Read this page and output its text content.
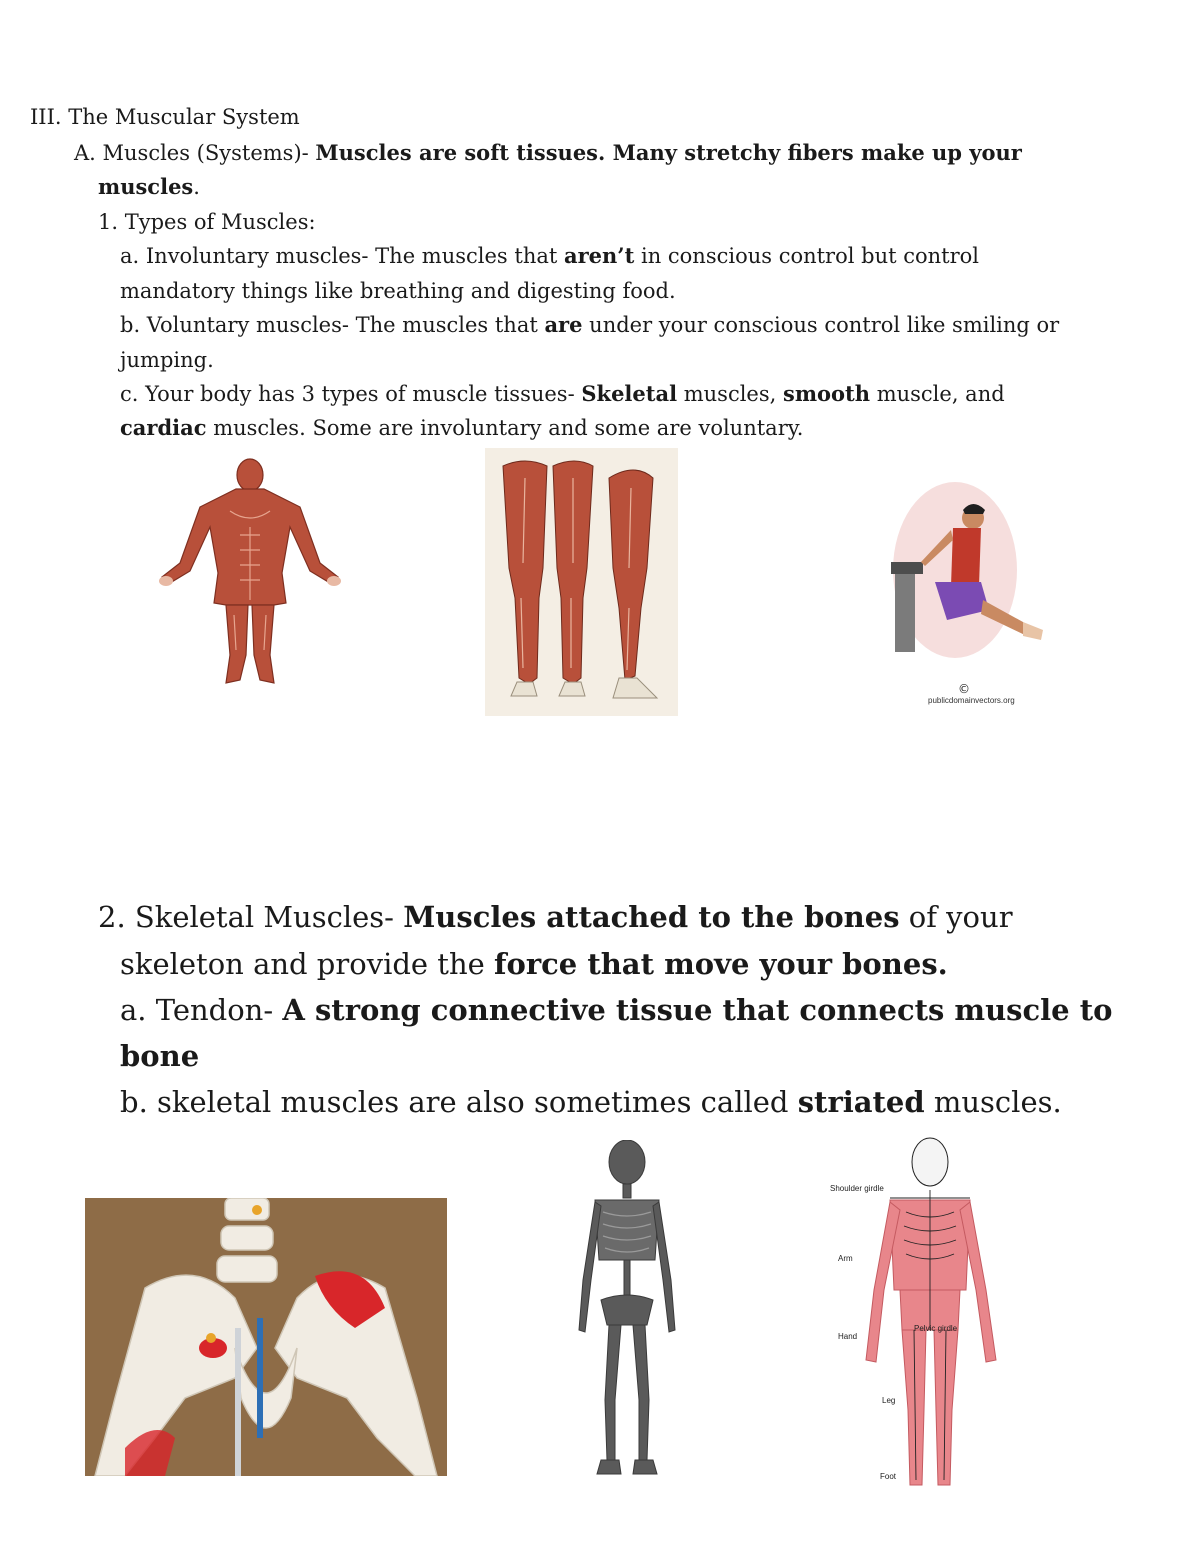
III. The Muscular System
A. Muscles (Systems)- Muscles are soft tissues. Many stretchy fibers make up your
muscles.
1. Types of Muscles:
a. Involuntary muscles- The muscles that aren’t in conscious control but control
mandatory things like breathing and digesting food.
b. Voluntary muscles- The muscles that are under your conscious control like smiling or
jumping.
c. Your body has 3 types of muscle tissues- Skeletal muscles, smooth muscle, and
cardiac muscles. Some are involuntary and some are voluntary.
publicdomainvectors.org
©
2. Skeletal Muscles- Muscles attached to the bones of your
skeleton and provide the force that move your bones.
a. Tendon- A strong connective tissue that connects muscle to
bone
b. skeletal muscles are also sometimes called striated muscles.
Shoulder girdle
Arm
Hand
Pelvic girdle
Leg
Foot
